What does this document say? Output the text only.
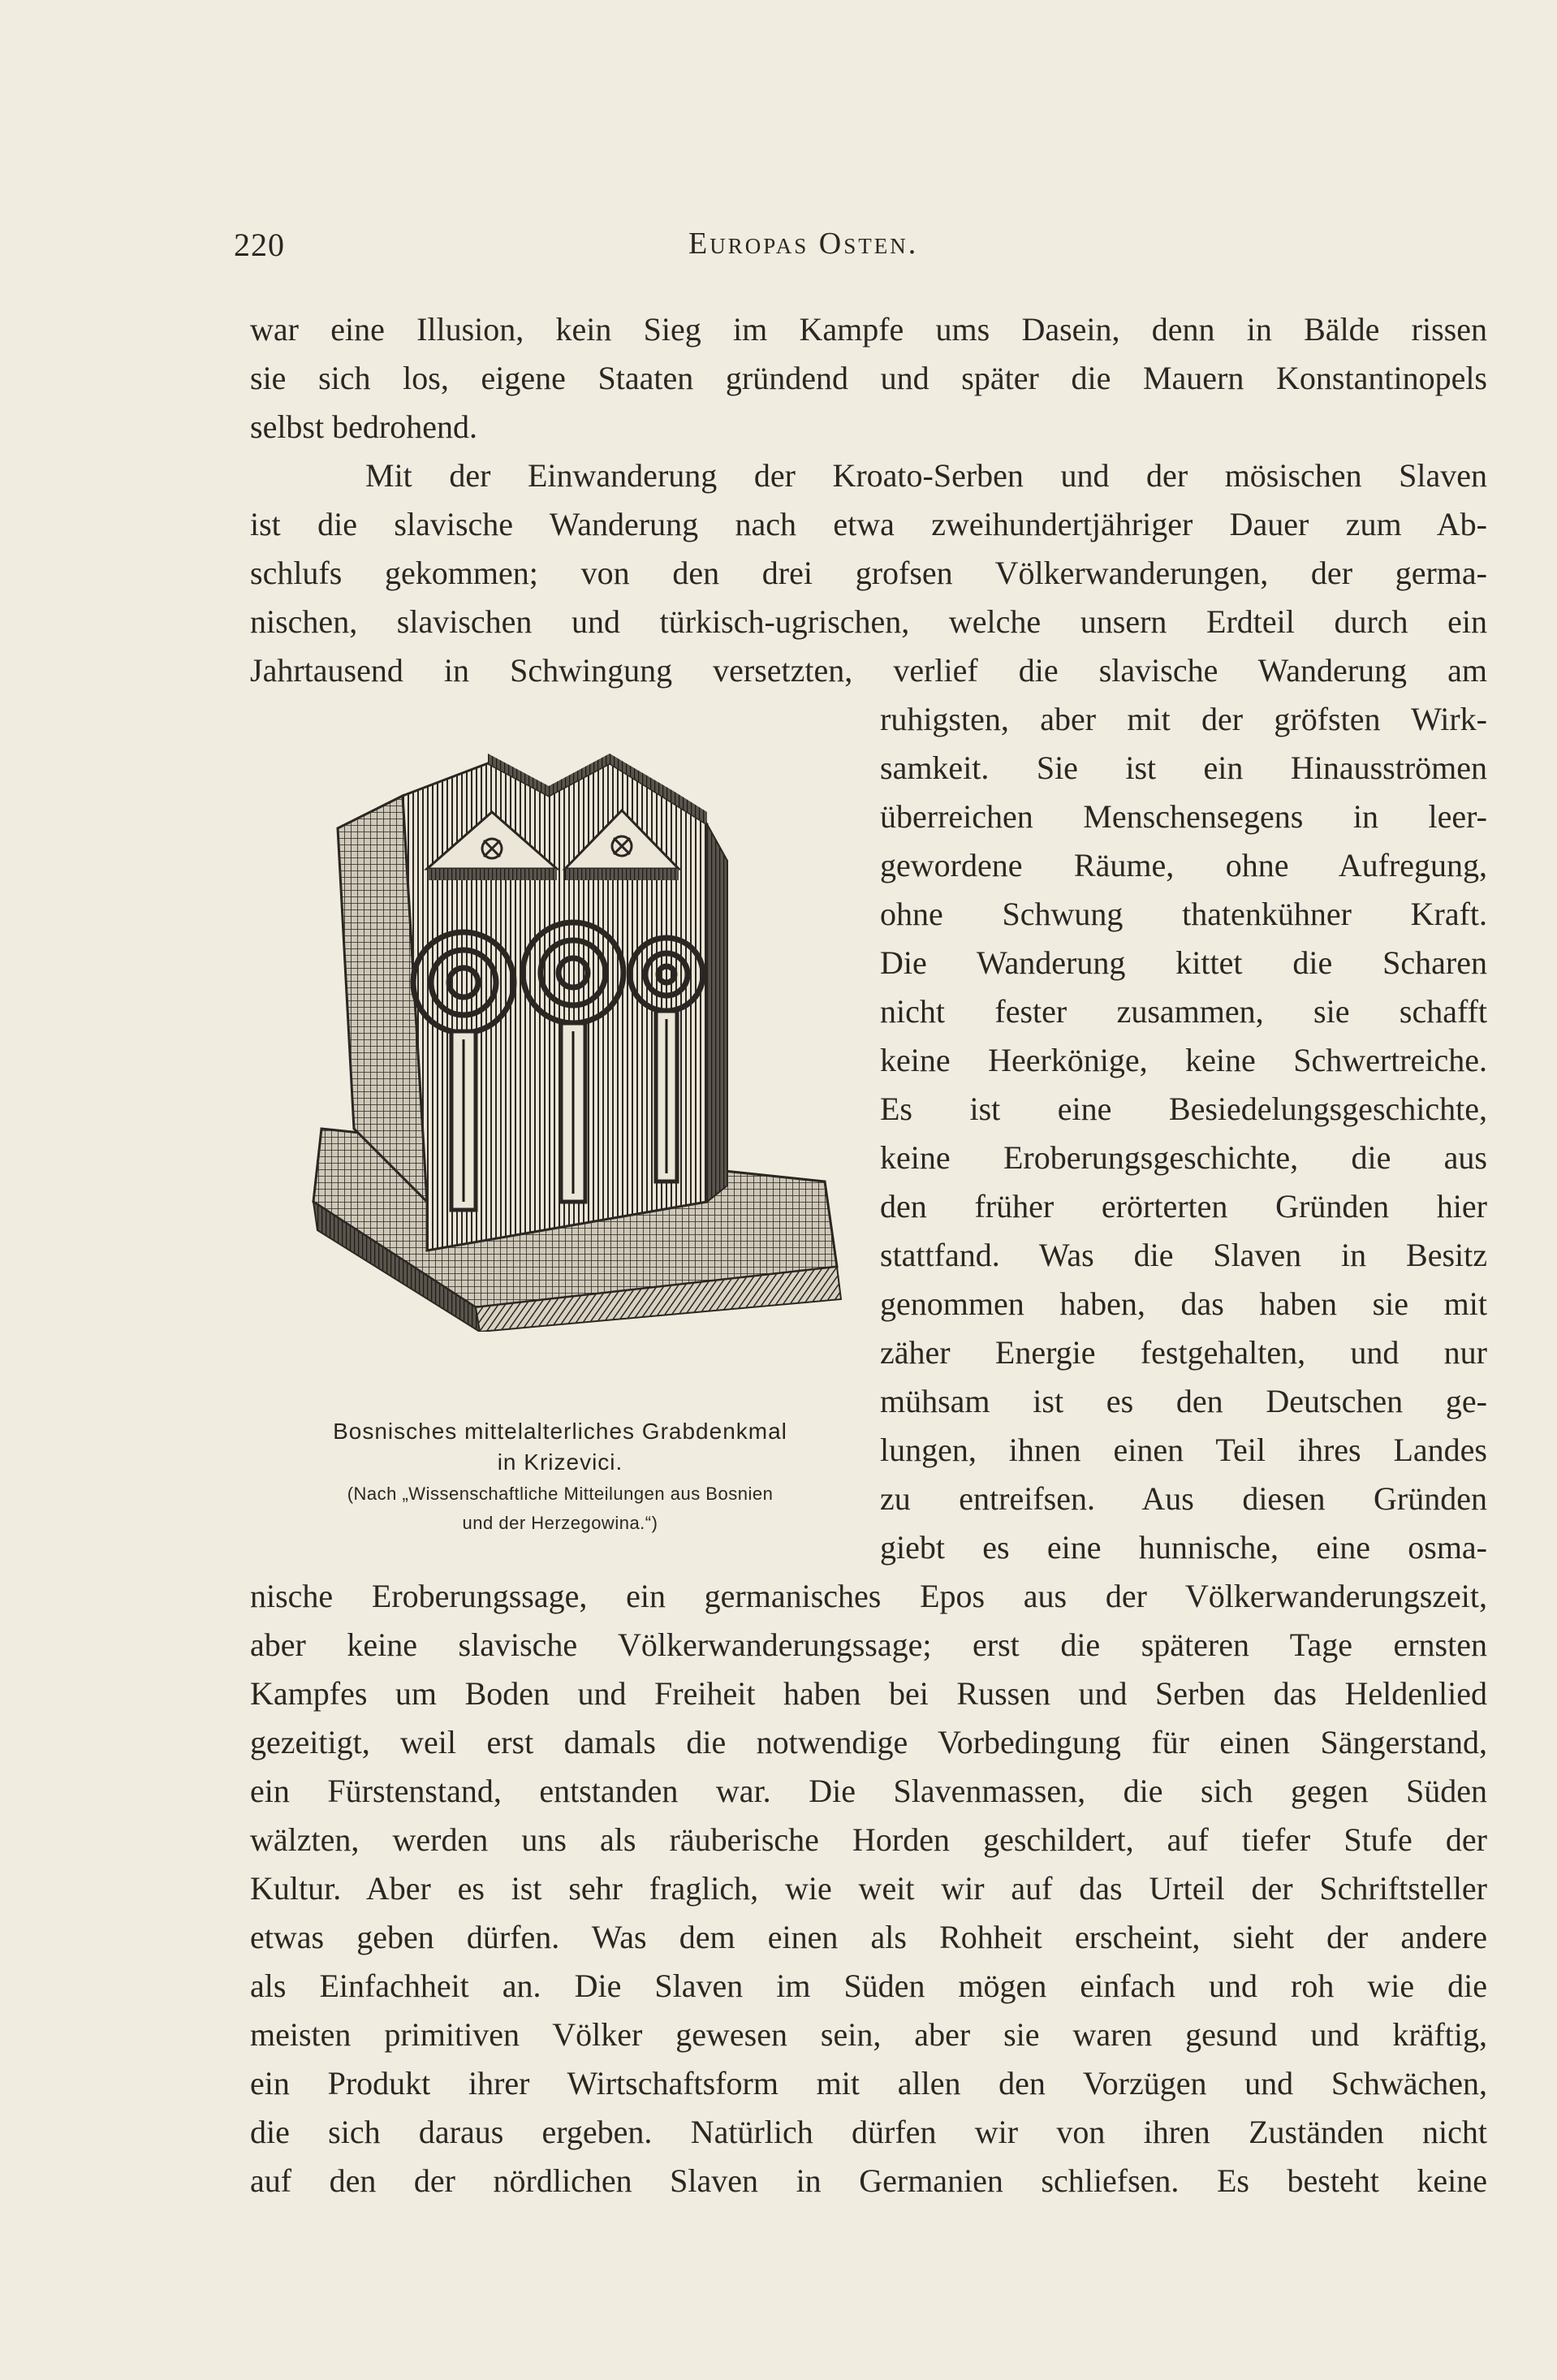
220	Europas Osten.
war eine Illusion, kein Sieg im Kampfe ums Dasein, denn in Bälde rissen
sie sich los, eigene Staaten gründend und später die Mauern Konstantinopels
selbst bedrohend.
Mit der Einwanderung der Kroato-Serben und der mösischen Slaven
ist die slavische Wanderung nach etwa zweihundertjähriger Dauer zum Ab-
schlufs gekommen; von den drei grofsen Völkerwanderungen, der germa-
nischen, slavischen und türkisch-ugrischen, welche unsern Erdteil durch ein
Jahrtausend in Schwingung versetzten, verlief die slavische Wanderung am
ruhigsten, aber mit der gröfsten Wirk-
samkeit. Sie ist ein Hinausströmen
überreichen Menschensegens in leer-
gewordene Räume, ohne Aufregung,
ohne Schwung thatenkühner Kraft.
Die Wanderung kittet die Scharen
nicht fester zusammen, sie schafft
keine Heerkönige, keine Schwertreiche.
Es ist eine Besiedelungsgeschichte,
keine Eroberungsgeschichte, die aus
den früher erörterten Gründen hier
stattfand. Was die Slaven in Besitz
genommen haben, das haben sie mit
zäher Energie festgehalten, und nur
mühsam ist es den Deutschen ge-
lungen, ihnen einen Teil ihres Landes
zu entreifsen. Aus diesen Gründen
giebt es eine hunnische, eine osma-
nische Eroberungssage, ein germanisches Epos aus der Völkerwanderungszeit,
aber keine slavische Völkerwanderungssage; erst die späteren Tage ernsten
Kampfes um Boden und Freiheit haben bei Russen und Serben das Heldenlied
gezeitigt, weil erst damals die notwendige Vorbedingung für einen Sängerstand,
ein Fürstenstand, entstanden war. Die Slavenmassen, die sich gegen Süden
wälzten, werden uns als räuberische Horden geschildert, auf tiefer Stufe der
Kultur. Aber es ist sehr fraglich, wie weit wir auf das Urteil der Schriftsteller
etwas geben dürfen. Was dem einen als Rohheit erscheint, sieht der andere
als Einfachheit an. Die Slaven im Süden mögen einfach und roh wie die
meisten primitiven Völker gewesen sein, aber sie waren gesund und kräftig,
ein Produkt ihrer Wirtschaftsform mit allen den Vorzügen und Schwächen,
die sich daraus ergeben. Natürlich dürfen wir von ihren Zuständen nicht
auf den der nördlichen Slaven in Germanien schliefsen. Es besteht keine
Bosnisches mittelalterliches Grabdenkmal
in Krizevici.
(Nach „Wissenschaftliche Mitteilungen aus Bosnien
und der Herzegowina.“)
